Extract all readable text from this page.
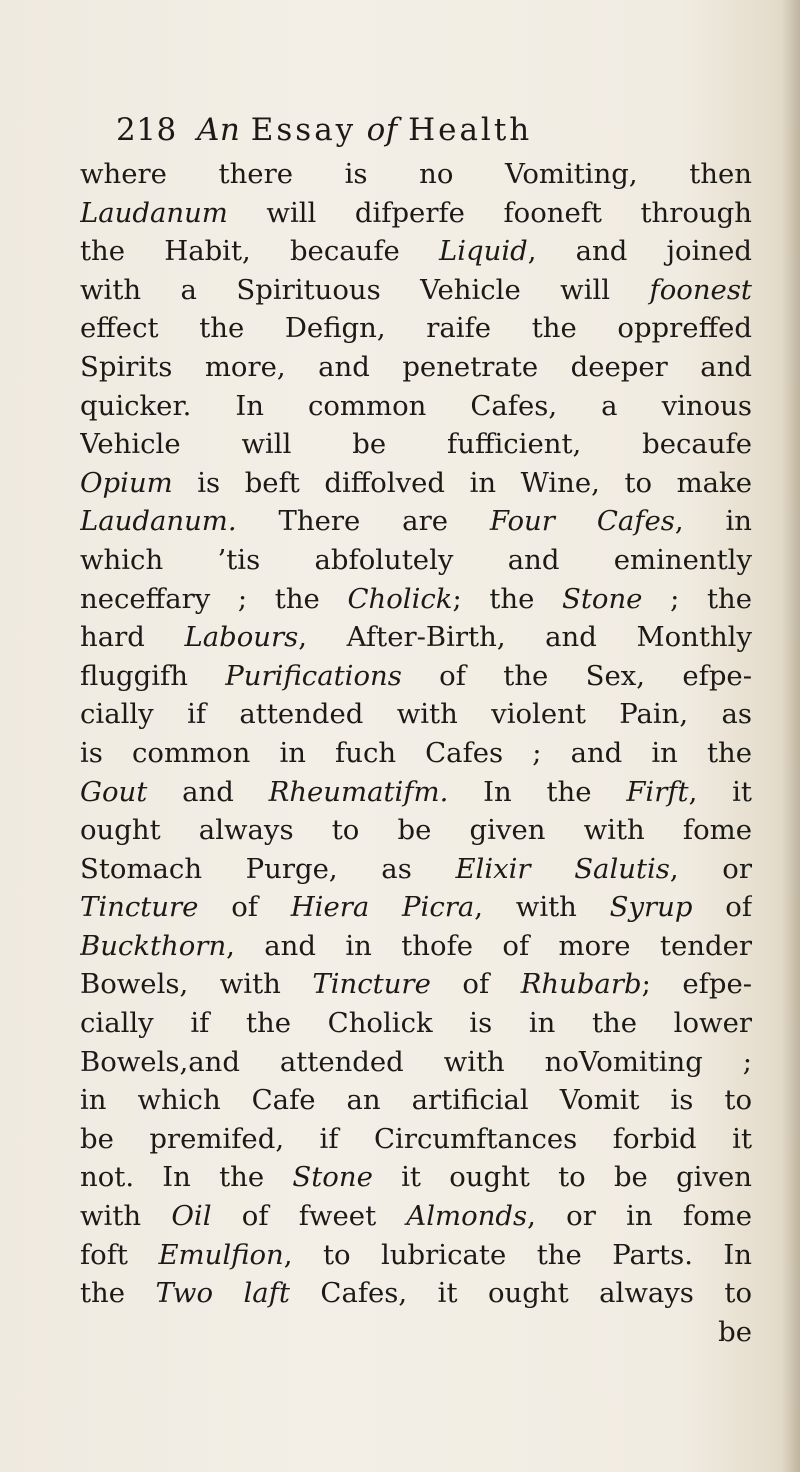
218 An Essay of Health
where there is no Vomiting, then
Laudanum will difperfe fooneft through
the Habit, becaufe Liquid, and joined
with a Spirituous Vehicle will foonest
effect the Defign, raife the oppreffed
Spirits more, and penetrate deeper and
quicker. In common Cafes, a vinous
Vehicle will be fufficient, becaufe
Opium is beft diffolved in Wine, to make
Laudanum. There are Four Cafes, in
which ’tis abfolutely and eminently
neceffary ; the Cholick; the Stone ; the
hard Labours, After-Birth, and Monthly
fluggifh Purifications of the Sex, efpe-
cially if attended with violent Pain, as
is common in fuch Cafes ; and in the
Gout and Rheumatifm. In the Firft, it
ought always to be given with fome
Stomach Purge, as Elixir Salutis, or
Tincture of Hiera Picra, with Syrup of
Buckthorn, and in thofe of more tender
Bowels, with Tincture of Rhubarb; efpe-
cially if the Cholick is in the lower
Bowels,and attended with noVomiting ;
in which Cafe an artificial Vomit is to
be premifed, if Circumftances forbid it
not. In the Stone it ought to be given
with Oil of fweet Almonds, or in fome
foft Emulfion, to lubricate the Parts. In
the Two laft Cafes, it ought always to
be
